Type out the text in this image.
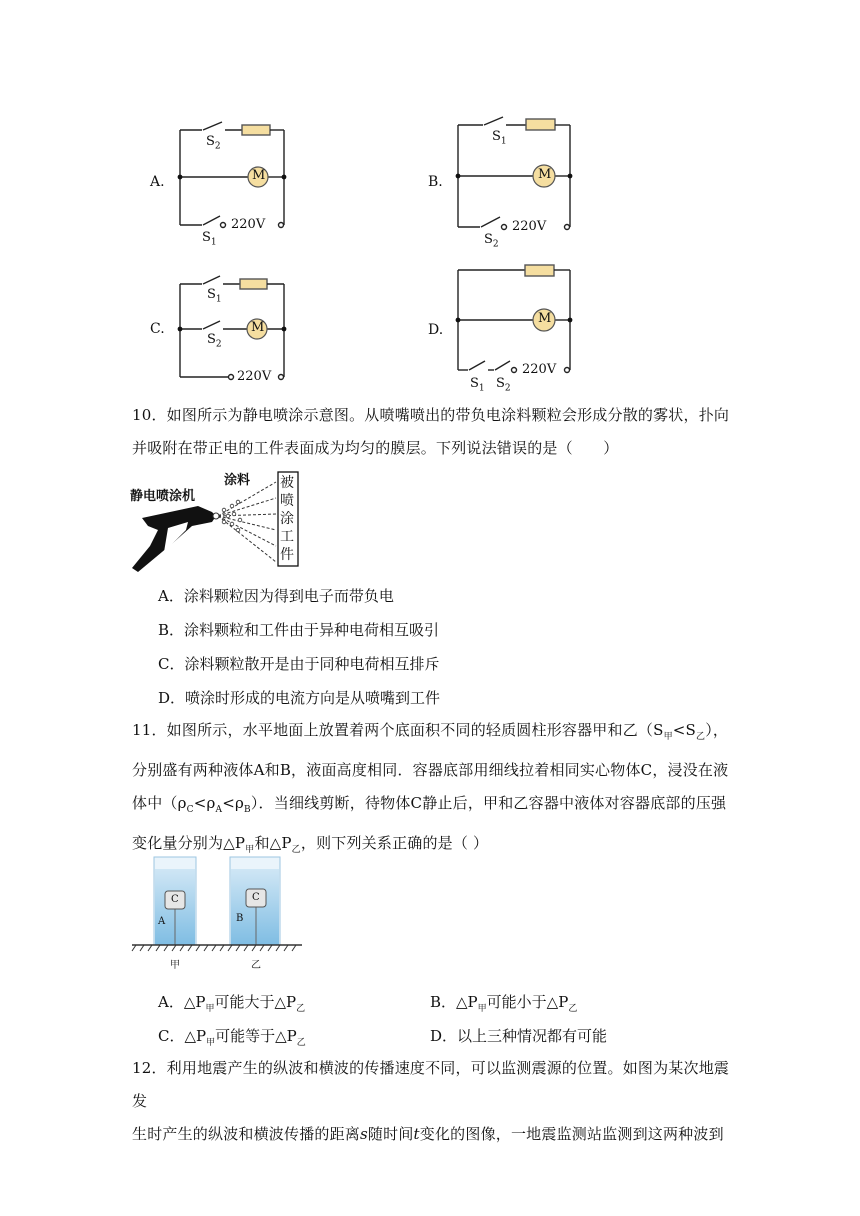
A.	M
$S_2$
$S_1$
220V
B.	M
$S_1$
$S_2$
220V
C.	M
$S_1$
$S_2$
220V
D.
M
$S_1$ $S_2$
220V
10．如图所示为静电喷涂示意图。从喷嘴喷出的带负电涂料颗粒会形成分散的雾状，扑向并吸附在带正电的工件表面成为均匀的膜层。下列说法错误的是（　　）
静电喷涂机
涂料 被喷涂工件
A．涂料颗粒因为得到电子而带负电
B．涂料颗粒和工件由于异种电荷相互吸引
C．涂料颗粒散开是由于同种电荷相互排斥
D．喷涂时形成的电流方向是从喷嘴到工件
11．如图所示，水平地面上放置着两个底面积不同的轻质圆柱形容器甲和乙$(S_甲<S_乙)$，
分别盛有两种液体A和B，液面高度相同．容器底部用细线拉着相同实心物体C，浸没在液
体中$(\rho_C<\rho_A<\rho_B)$．当细线剪断，待物体C静止后，甲和乙容器中液体对容器底部的压强
变化量分别为$\triangle P_甲$和$\triangle P_乙$，则下列关系正确的是（ ）
C	C
A	B
甲	乙
A．$\triangle P_甲$可能大于$\triangle P_乙$	B．$\triangle P_甲$可能小于$\triangle P_乙$
C．$\triangle P_甲$可能等于$\triangle P_乙$	D．以上三种情况都有可能
12．利用地震产生的纵波和横波的传播速度不同，可以监测震源的位置。如图为某次地震发
生时产生的纵波和横波传播的距离s随时间t变化的图像，一地震监测站监测到这两种波到
